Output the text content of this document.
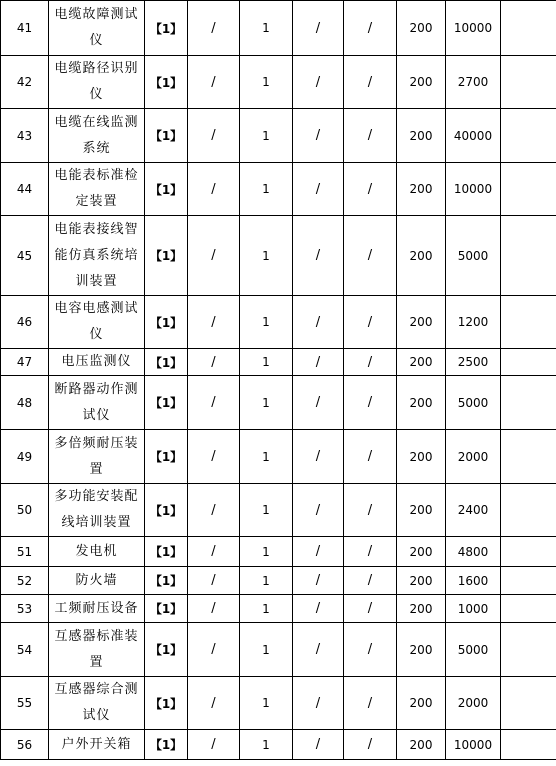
41	电缆故障测试仪	【1】	/	1	/	/	200	10000	
42	电缆路径识别仪	【1】	/	1	/	/	200	2700	
43	电缆在线监测系统	【1】	/	1	/	/	200	40000	
44	电能表标准检定装置	【1】	/	1	/	/	200	10000	
45	电能表接线智能仿真系统培训装置	【1】	/	1	/	/	200	5000	
46	电容电感测试仪	【1】	/	1	/	/	200	1200	
47	电压监测仪	【1】	/	1	/	/	200	2500	
48	断路器动作测试仪	【1】	/	1	/	/	200	5000	
49	多倍频耐压装置	【1】	/	1	/	/	200	2000	
50	多功能安装配线培训装置	【1】	/	1	/	/	200	2400	
51	发电机	【1】	/	1	/	/	200	4800	
52	防火墙	【1】	/	1	/	/	200	1600	
53	工频耐压设备	【1】	/	1	/	/	200	1000	
54	互感器标准装置	【1】	/	1	/	/	200	5000	
55	互感器综合测试仪	【1】	/	1	/	/	200	2000	
56	户外开关箱	【1】	/	1	/	/	200	10000	
